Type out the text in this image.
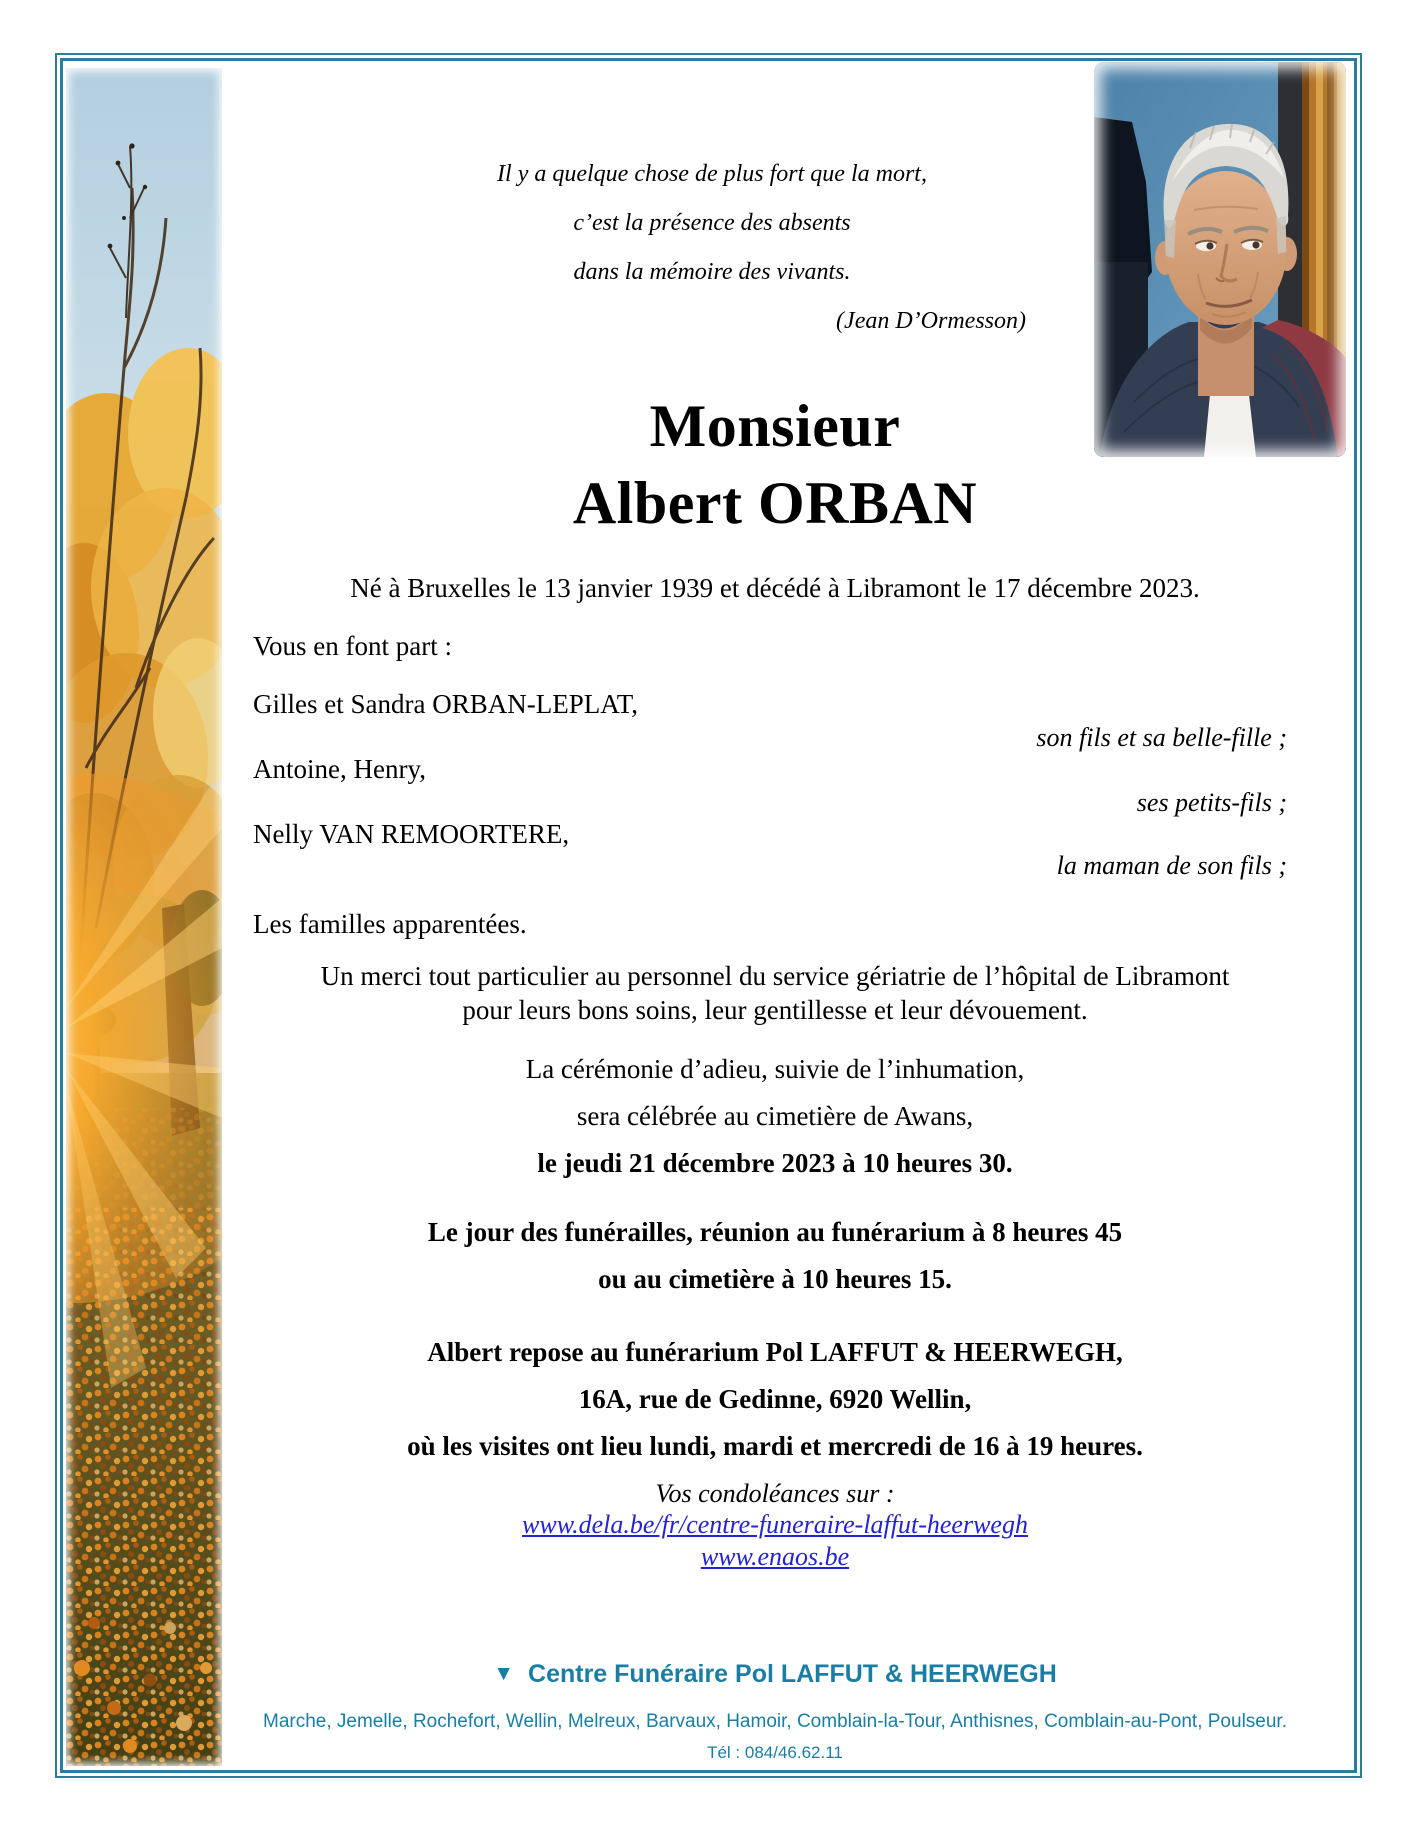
Il y a quelque chose de plus fort que la mort,
c’est la présence des absents
dans la mémoire des vivants.
(Jean D’Ormesson)
Monsieur
Albert ORBAN
Né à Bruxelles le 13 janvier 1939 et décédé à Libramont le 17 décembre 2023.
Vous en font part :
Gilles et Sandra ORBAN-LEPLAT,
son fils et sa belle-fille ;
Antoine, Henry,
ses petits-fils ;
Nelly VAN REMOORTERE,
la maman de son fils ;
Les familles apparentées.
Un merci tout particulier au personnel du service gériatrie de l’hôpital de Libramont
pour leurs bons soins, leur gentillesse et leur dévouement.
La cérémonie d’adieu, suivie de l’inhumation,
sera célébrée au cimetière de Awans,
le jeudi 21 décembre 2023 à 10 heures 30.
Le jour des funérailles, réunion au funérarium à 8 heures 45
ou au cimetière à 10 heures 15.
Albert repose au funérarium Pol LAFFUT & HEERWEGH,
16A, rue de Gedinne, 6920 Wellin,
où les visites ont lieu lundi, mardi et mercredi de 16 à 19 heures.
Vos condoléances sur :
www.dela.be/fr/centre-funeraire-laffut-heerwegh
www.enaos.be
▼ Centre Funéraire Pol LAFFUT & HEERWEGH
Marche, Jemelle, Rochefort, Wellin, Melreux, Barvaux, Hamoir, Comblain-la-Tour, Anthisnes, Comblain-au-Pont, Poulseur.
Tél : 084/46.62.11
